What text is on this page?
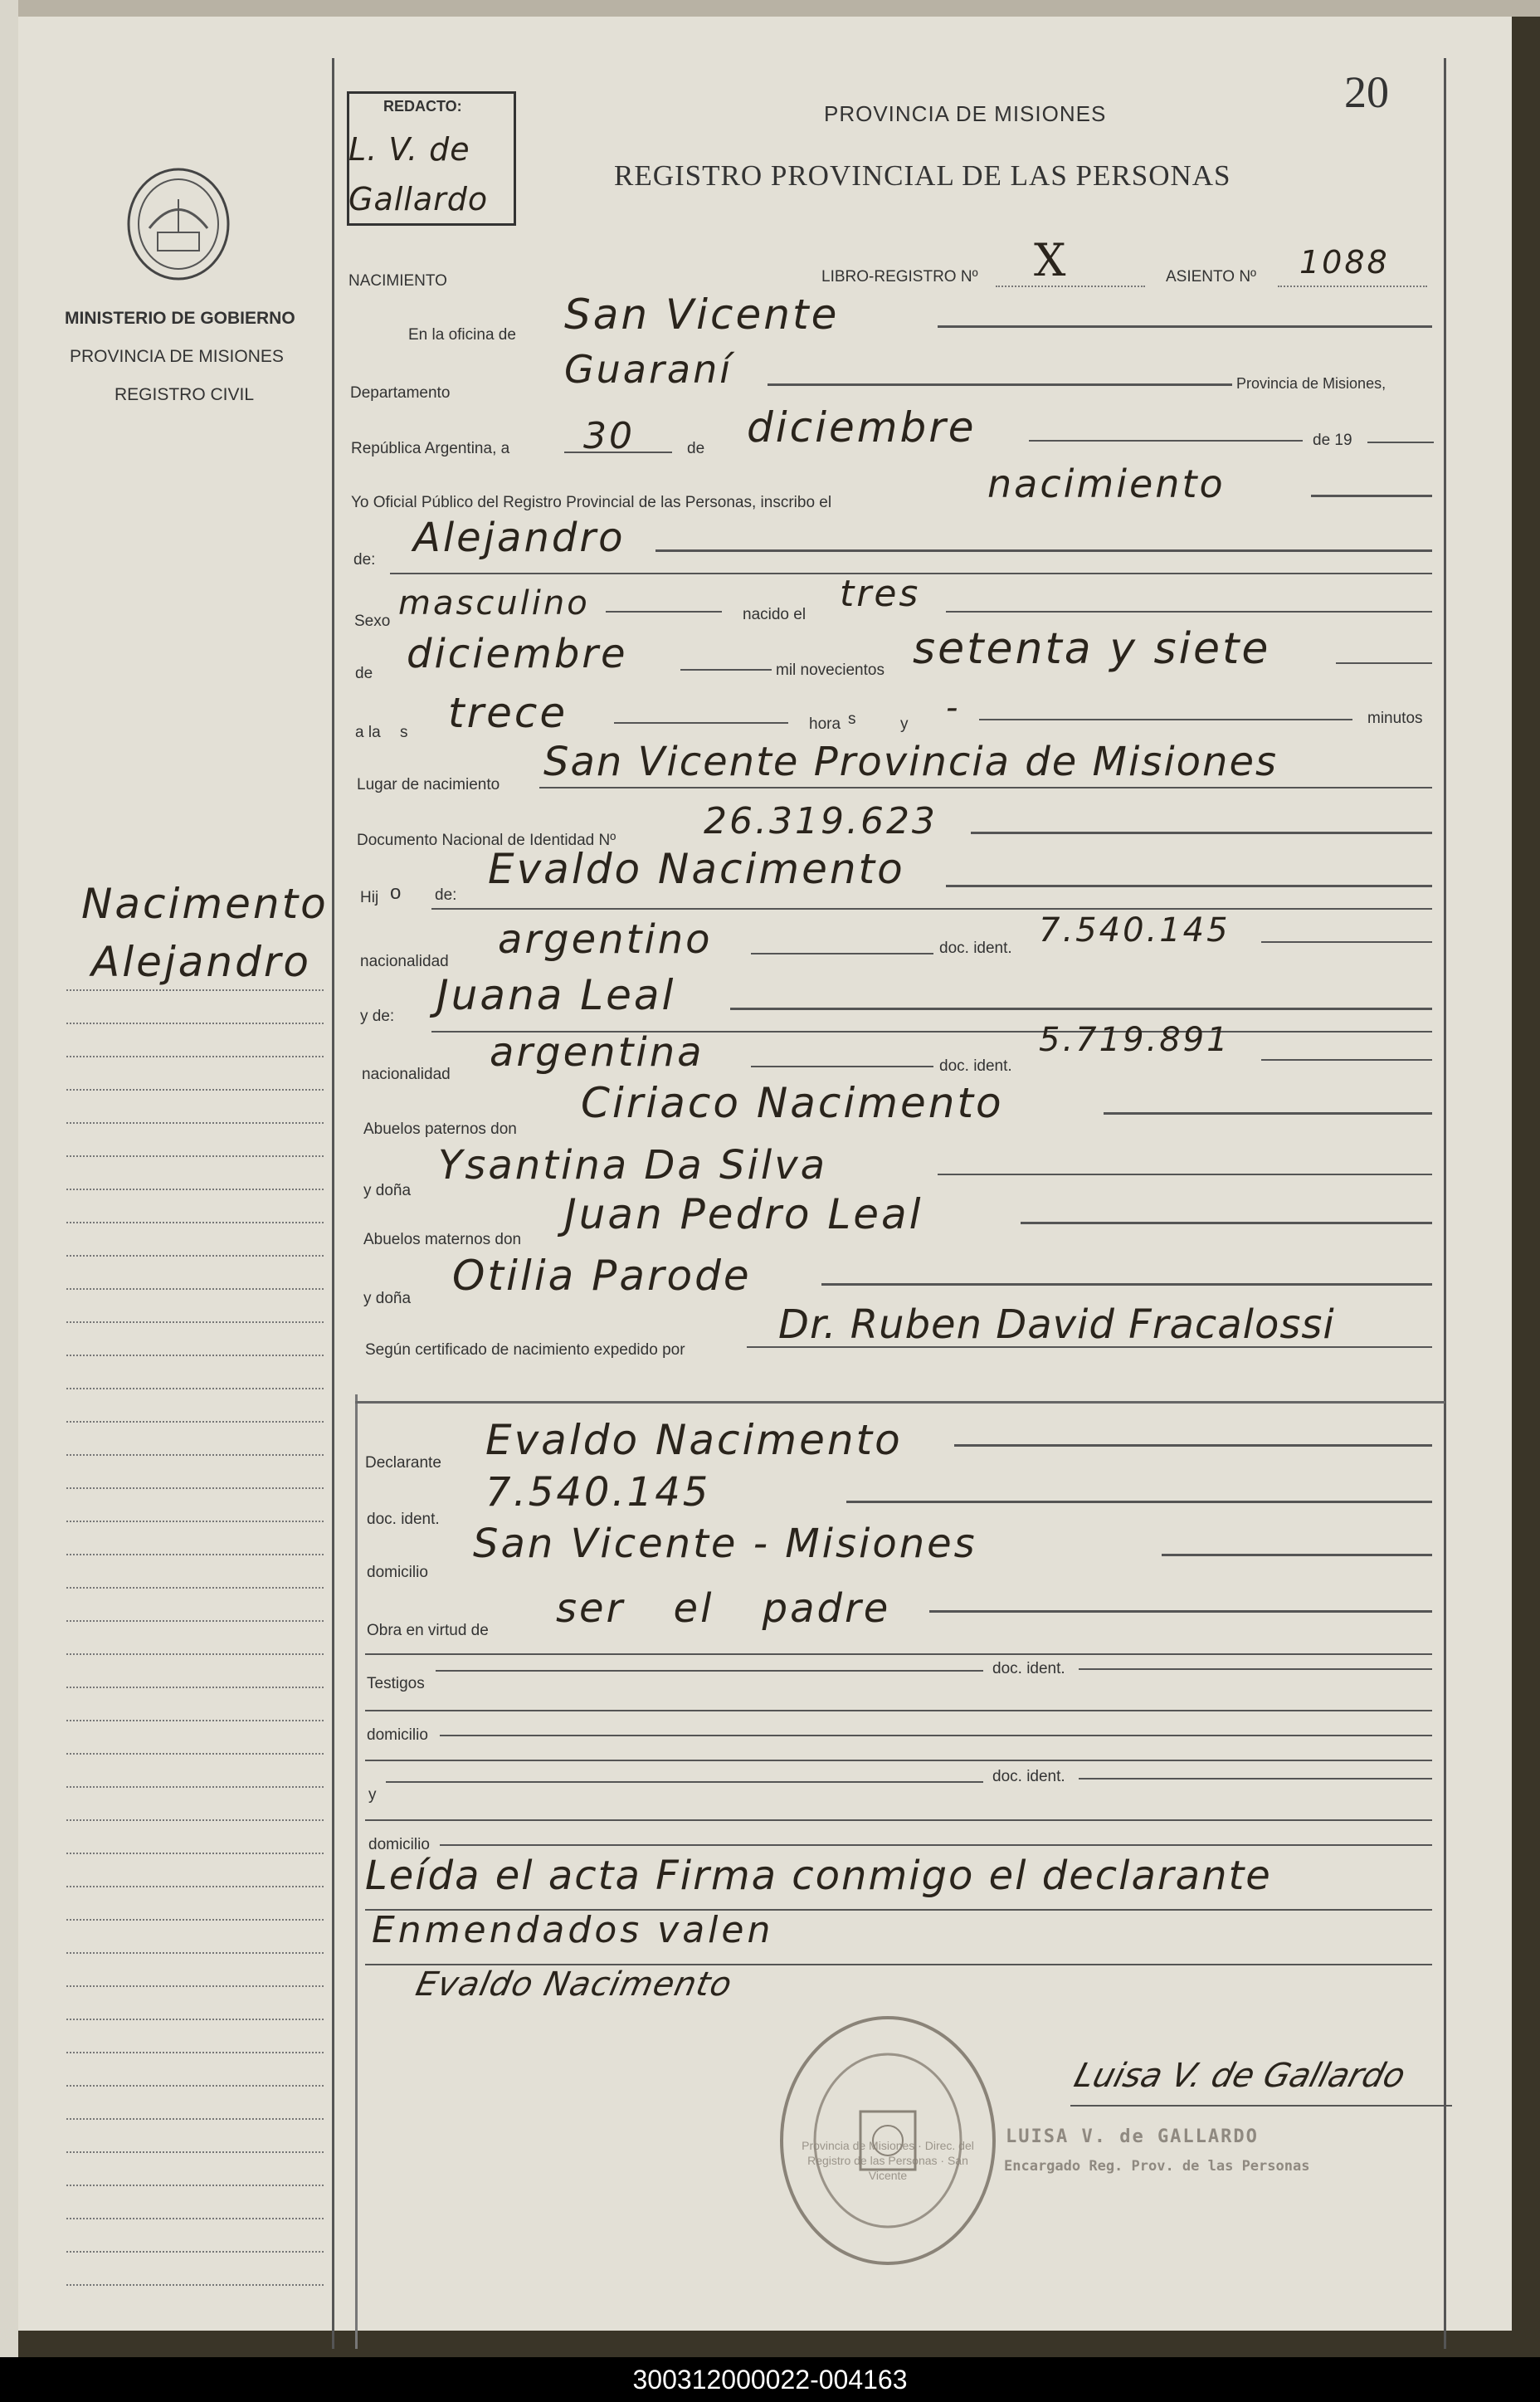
20
REDACTO:
L. V. de Gallardo
PROVINCIA DE MISIONES
REGISTRO PROVINCIAL DE LAS PERSONAS
MINISTERIO DE GOBIERNO
PROVINCIA DE MISIONES
REGISTRO CIVIL
Nacimento
Alejandro
NACIMIENTO	LIBRO-REGISTRO Nº X	ASIENTO Nº 1088
En la oficina de San Vicente
Departamento
Guaraní	Provincia de Misiones,
República Argentina, a 30	de diciembre	de 19
Yo Oficial Público del Registro Provincial de las Personas, inscribo el	nacimiento
de: Alejandro
Sexo masculino	nacido el tres
de diciembre	mil novecientos setenta y siete
a la s trece	hora s	y -	minutos
Lugar de nacimiento San Vicente Provincia de Misiones
Documento Nacional de Identidad Nº 26.319.623
Hij o de:
Evaldo Nacimento
nacionalidad argentino	doc. ident. 7.540.145
y de: Juana Leal
nacionalidad argentina	doc. ident.
5.719.891
Abuelos paternos don
Ciriaco Nacimento
y doña
Ysantina Da Silva
Abuelos maternos don
Juan Pedro Leal
y doña Otilia Parode
Según certificado de nacimiento expedido por
Dr. Ruben David Fracalossi
Declarante Evaldo Nacimento
doc. ident.
7.540.145
domicilio
San Vicente - Misiones
Obra en virtud de ser el padre
Testigos
doc. ident.
domicilio
y
doc. ident.
domicilio
Leída el acta Firma conmigo el declarante
Enmendados valen
Evaldo Nacimento
Provincia de Misiones · Direc. del Registro de las Personas · San Vicente
Luisa V. de Gallardo
LUISA V. de GALLARDO
Encargado Reg. Prov. de las Personas
300312000022-004163
